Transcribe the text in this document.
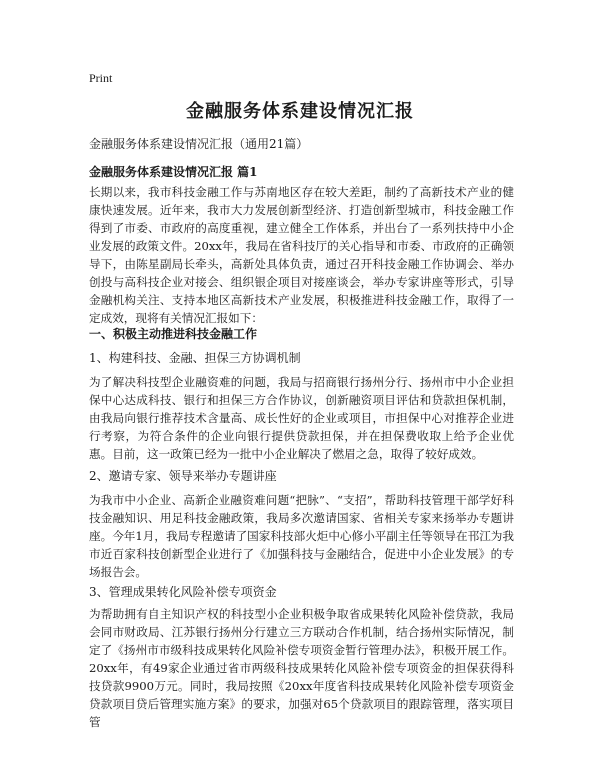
Print
金融服务体系建设情况汇报
金融服务体系建设情况汇报（通用21篇）
金融服务体系建设情况汇报 篇1

长期以来，我市科技金融工作与苏南地区存在较大差距，制约了高新技术产业的健康快速发展。近年来，我市大力发展创新型经济、打造创新型城市，科技金融工作得到了市委、市政府的高度重视，建立健全工作体系，并出台了一系列扶持中小企业发展的政策文件。20xx年，我局在省科技厅的关心指导和市委、市政府的正确领导下，由陈星副局长牵头，高新处具体负责，通过召开科技金融工作协调会、举办创投与高科技企业对接会、组织银企项目对接座谈会，举办专家讲座等形式，引导金融机构关注、支持本地区高新技术产业发展，积极推进科技金融工作，取得了一定成效，现将有关情况汇报如下：

一、积极主动推进科技金融工作
1、构建科技、金融、担保三方协调机制

为了解决科技型企业融资难的问题，我局与招商银行扬州分行、扬州市中小企业担保中心达成科技、银行和担保三方合作协议，创新融资项目评估和贷款担保机制，由我局向银行推荐技术含量高、成长性好的企业或项目，市担保中心对推荐企业进行考察，为符合条件的企业向银行提供贷款担保，并在担保费收取上给予企业优惠。目前，这一政策已经为一批中小企业解决了燃眉之急，取得了较好成效。

2、邀请专家、领导来举办专题讲座

为我市中小企业、高新企业融资难问题“把脉”、“支招”，帮助科技管理干部学好科技金融知识、用足科技金融政策，我局多次邀请国家、省相关专家来扬举办专题讲座。今年1月，我局专程邀请了国家科技部火炬中心修小平副主任等领导在邗江为我市近百家科技创新型企业进行了《加强科技与金融结合，促进中小企业发展》的专场报告会。

3、管理成果转化风险补偿专项资金

为帮助拥有自主知识产权的科技型小企业积极争取省成果转化风险补偿贷款，我局会同市财政局、江苏银行扬州分行建立三方联动合作机制，结合扬州实际情况，制定了《扬州市市级科技成果转化风险补偿专项资金暂行管理办法》，积极开展工作。20xx年，有49家企业通过省市两级科技成果转化风险补偿专项资金的担保获得科技贷款9900万元。同时，我局按照《20xx年度省科技成果转化风险补偿专项资金贷款项目贷后管理实施方案》的要求，加强对65个贷款项目的跟踪管理，落实项目管
